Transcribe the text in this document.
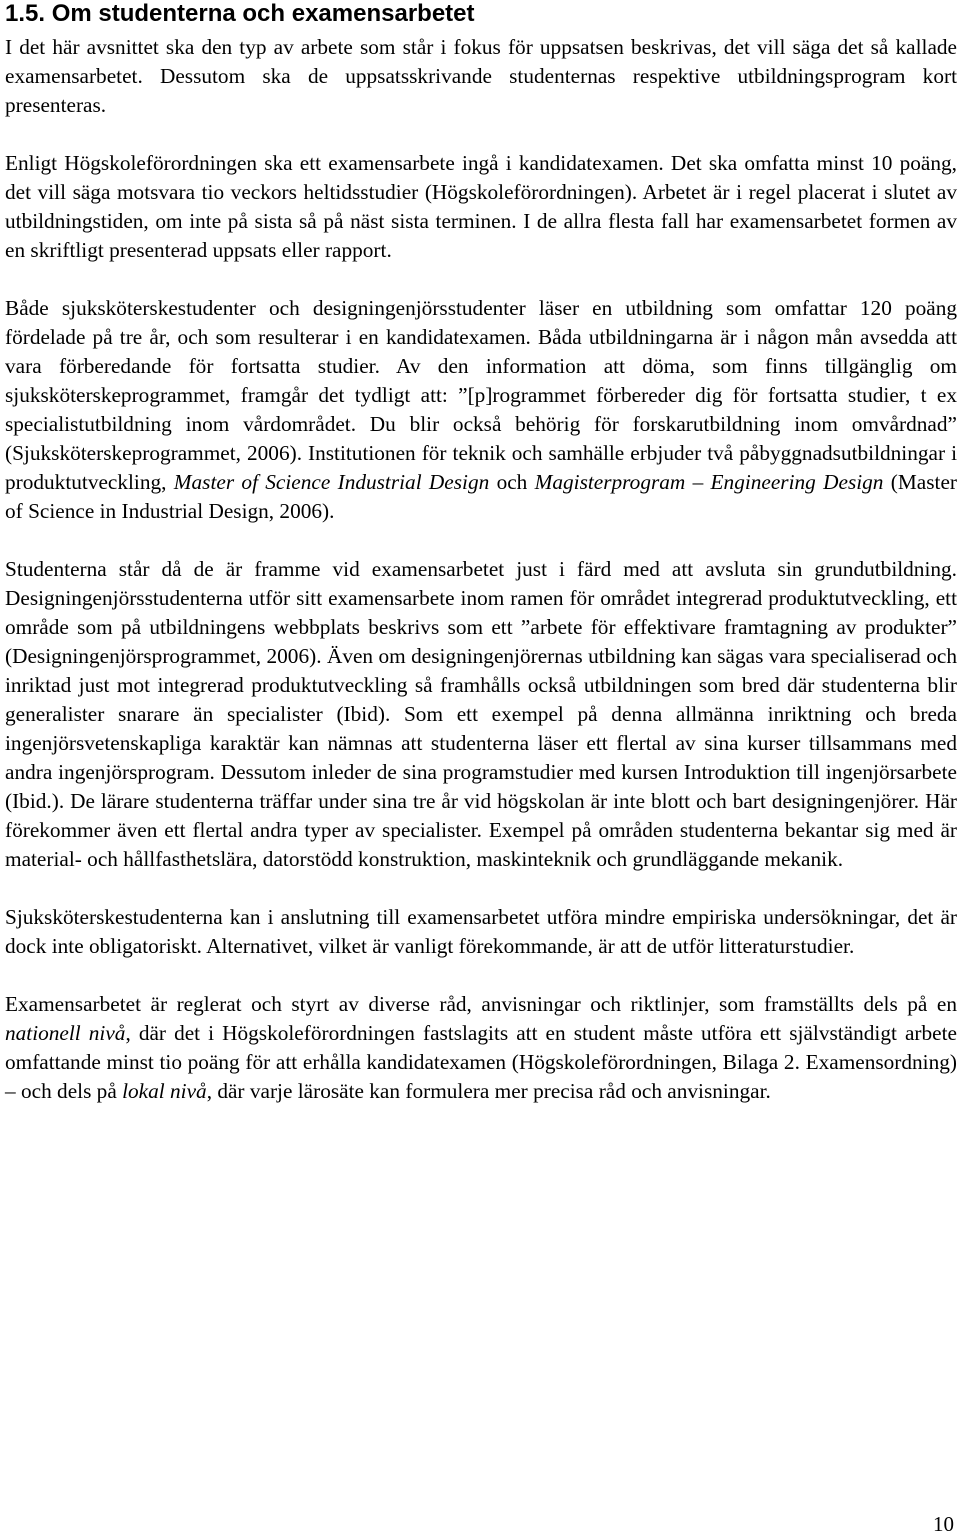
1.5. Om studenterna och examensarbetet

I det här avsnittet ska den typ av arbete som står i fokus för uppsatsen beskrivas, det vill säga det så kallade examensarbetet. Dessutom ska de uppsatsskrivande studenternas respektive utbildningsprogram kort presenteras.

Enligt Högskoleförordningen ska ett examensarbete ingå i kandidatexamen. Det ska omfatta minst 10 poäng, det vill säga motsvara tio veckors heltidsstudier (Högskoleförordningen). Arbetet är i regel placerat i slutet av utbildningstiden, om inte på sista så på näst sista terminen. I de allra flesta fall har examensarbetet formen av en skriftligt presenterad uppsats eller rapport.

Både sjuksköterskestudenter och designingenjörsstudenter läser en utbildning som omfattar 120 poäng fördelade på tre år, och som resulterar i en kandidatexamen. Båda utbildningarna är i någon mån avsedda att vara förberedande för fortsatta studier. Av den information att döma, som finns tillgänglig om sjuksköterskeprogrammet, framgår det tydligt att: ”[p]rogrammet förbereder dig för fortsatta studier, t ex specialistutbildning inom vårdområdet. Du blir också behörig för forskarutbildning inom omvårdnad” (Sjuksköterskeprogrammet, 2006). Institutionen för teknik och samhälle erbjuder två påbyggnadsutbildningar i produktutveckling, Master of Science Industrial Design och Magisterprogram – Engineering Design (Master of Science in Industrial Design, 2006).

Studenterna står då de är framme vid examensarbetet just i färd med att avsluta sin grundutbildning. Designingenjörsstudenterna utför sitt examensarbete inom ramen för området integrerad produktutveckling, ett område som på utbildningens webbplats beskrivs som ett ”arbete för effektivare framtagning av produkter” (Designingenjörsprogrammet, 2006). Även om designingenjörernas utbildning kan sägas vara specialiserad och inriktad just mot integrerad produktutveckling så framhålls också utbildningen som bred där studenterna blir generalister snarare än specialister (Ibid). Som ett exempel på denna allmänna inriktning och breda ingenjörsvetenskapliga karaktär kan nämnas att studenterna läser ett flertal av sina kurser tillsammans med andra ingenjörsprogram. Dessutom inleder de sina programstudier med kursen Introduktion till ingenjörsarbete (Ibid.). De lärare studenterna träffar under sina tre år vid högskolan är inte blott och bart designingenjörer. Här förekommer även ett flertal andra typer av specialister. Exempel på områden studenterna bekantar sig med är material- och hållfasthetslära, datorstödd konstruktion, maskinteknik och grundläggande mekanik.

Sjuksköterskestudenterna kan i anslutning till examensarbetet utföra mindre empiriska undersökningar, det är dock inte obligatoriskt. Alternativet, vilket är vanligt förekommande, är att de utför litteraturstudier.

Examensarbetet är reglerat och styrt av diverse råd, anvisningar och riktlinjer, som framställts dels på en nationell nivå, där det i Högskoleförordningen fastslagits att en student måste utföra ett självständigt arbete omfattande minst tio poäng för att erhålla kandidatexamen (Högskoleförordningen, Bilaga 2. Examensordning) – och dels på lokal nivå, där varje lärosäte kan formulera mer precisa råd och anvisningar.

10
